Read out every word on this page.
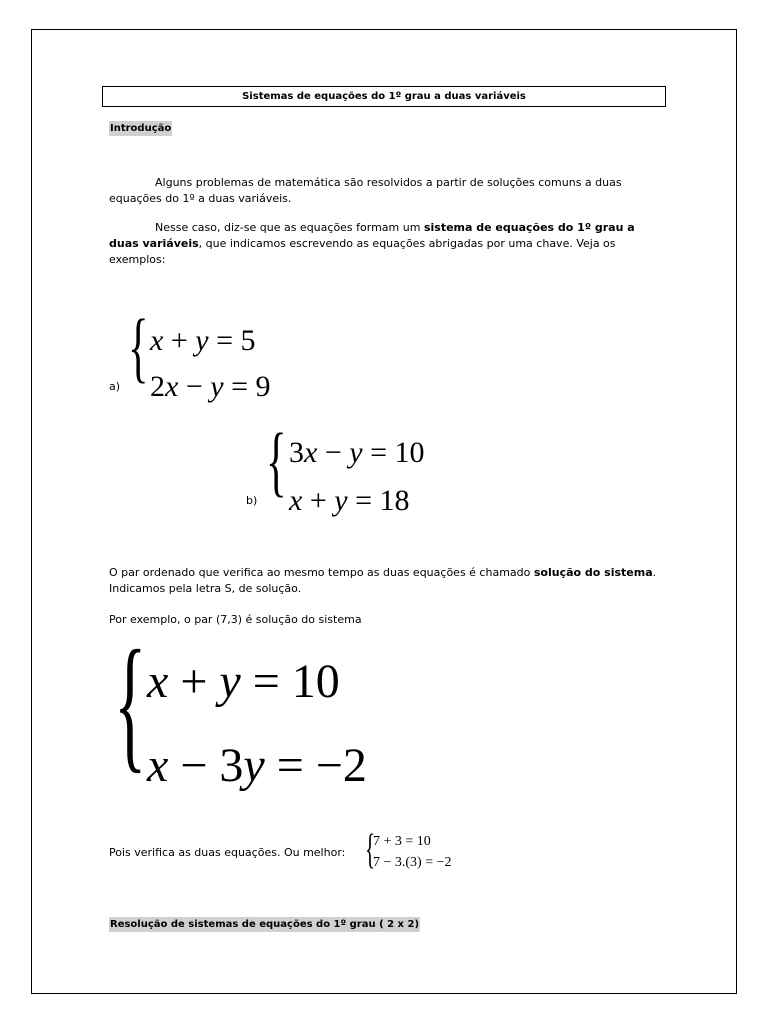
Sistemas de equações do 1º grau a duas variáveis
Introdução

Alguns problemas de matemática são resolvidos a partir de soluções comuns a duas equações do 1º a duas variáveis.

Nesse caso, diz-se que as equações formam um sistema de equações do 1º grau a duas variáveis, que indicamos escrevendo as equações abrigadas por uma chave. Veja os exemplos:

a) { x + y = 5
2x − y = 9
b) { 3x − y = 10
x + y = 18

O par ordenado que verifica ao mesmo tempo as duas equações é chamado solução do sistema. Indicamos pela letra S, de solução.

Por exemplo, o par (7,3) é solução do sistema

{ x + y = 10
x − 3y = −2

Pois verifica as duas equações. Ou melhor: {
7 + 3 = 10
7 − 3.(3) = −2
Resolução de sistemas de equações do 1º grau ( 2 x 2)
